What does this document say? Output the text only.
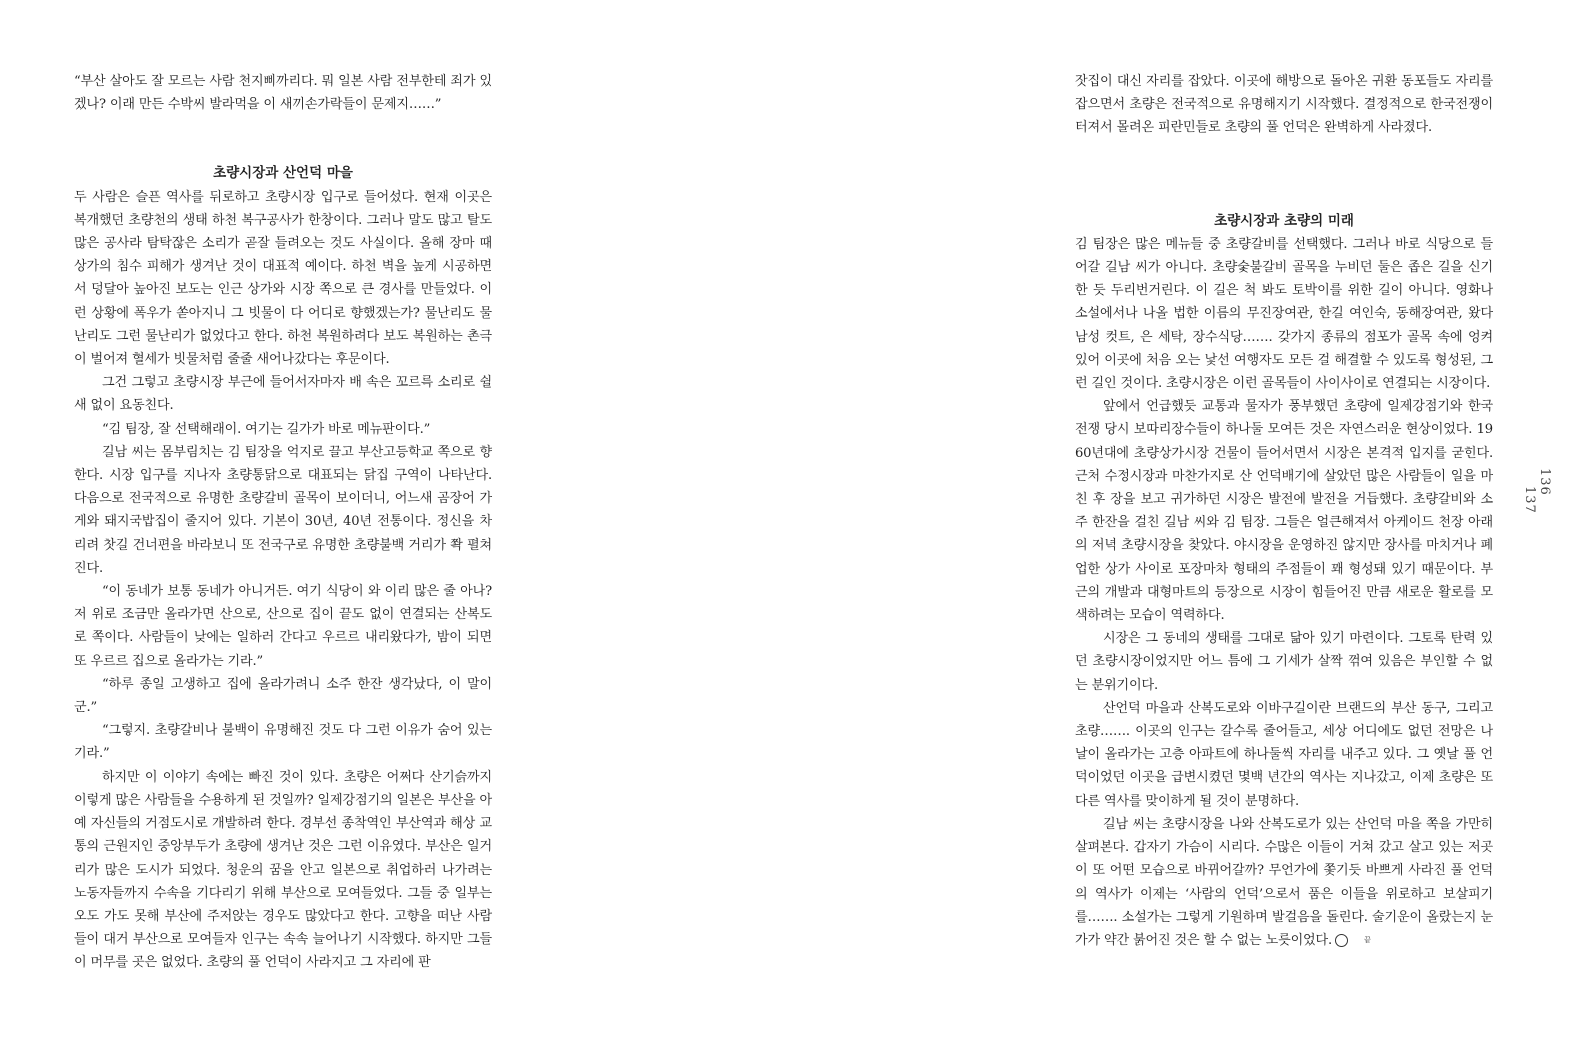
“부산 살아도 잘 모르는 사람 천지삐까리다. 뭐 일본 사람 전부한테 죄가 있겠나? 이래 만든 수박씨 발라먹을 이 새끼손가락들이 문제지……”

초량시장과 산언덕 마을

두 사람은 슬픈 역사를 뒤로하고 초량시장 입구로 들어섰다. 현재 이곳은 복개했던 초량천의 생태 하천 복구공사가 한창이다. 그러나 말도 많고 탈도 많은 공사라 탐탁잖은 소리가 곧잘 들려오는 것도 사실이다. 올해 장마 때 상가의 침수 피해가 생겨난 것이 대표적 예이다. 하천 벽을 높게 시공하면서 덩달아 높아진 보도는 인근 상가와 시장 쪽으로 큰 경사를 만들었다. 이런 상황에 폭우가 쏟아지니 그 빗물이 다 어디로 향했겠는가? 물난리도 물난리도 그런 물난리가 없었다고 한다. 하천 복원하려다 보도 복원하는 촌극이 벌어져 혈세가 빗물처럼 줄줄 새어나갔다는 후문이다.

그건 그렇고 초량시장 부근에 들어서자마자 배 속은 꼬르륵 소리로 쉴 새 없이 요동친다.

“김 팀장, 잘 선택해래이. 여기는 길가가 바로 메뉴판이다.”

길남 씨는 몸부림치는 김 팀장을 억지로 끌고 부산고등학교 쪽으로 향한다. 시장 입구를 지나자 초량통닭으로 대표되는 닭집 구역이 나타난다. 다음으로 전국적으로 유명한 초량갈비 골목이 보이더니, 어느새 곰장어 가게와 돼지국밥집이 줄지어 있다. 기본이 30년, 40년 전통이다. 정신을 차리려 찻길 건너편을 바라보니 또 전국구로 유명한 초량불백 거리가 쫙 펼쳐진다.

“이 동네가 보통 동네가 아니거든. 여기 식당이 와 이리 많은 줄 아나? 저 위로 조금만 올라가면 산으로, 산으로 집이 끝도 없이 연결되는 산복도로 쪽이다. 사람들이 낮에는 일하러 간다고 우르르 내리왔다가, 밤이 되면 또 우르르 집으로 올라가는 기라.”

“하루 종일 고생하고 집에 올라가려니 소주 한잔 생각났다, 이 말이군.”

“그렇지. 초량갈비나 불백이 유명해진 것도 다 그런 이유가 숨어 있는 기라.”

하지만 이 이야기 속에는 빠진 것이 있다. 초량은 어쩌다 산기슭까지 이렇게 많은 사람들을 수용하게 된 것일까? 일제강점기의 일본은 부산을 아예 자신들의 거점도시로 개발하려 한다. 경부선 종착역인 부산역과 해상 교통의 근원지인 중앙부두가 초량에 생겨난 것은 그런 이유였다. 부산은 일거리가 많은 도시가 되었다. 청운의 꿈을 안고 일본으로 취업하러 나가려는 노동자들까지 수속을 기다리기 위해 부산으로 모여들었다. 그들 중 일부는 오도 가도 못해 부산에 주저앉는 경우도 많았다고 한다. 고향을 떠난 사람들이 대거 부산으로 모여들자 인구는 속속 늘어나기 시작했다. 하지만 그들이 머무를 곳은 없었다. 초량의 풀 언덕이 사라지고 그 자리에 판

잣집이 대신 자리를 잡았다. 이곳에 해방으로 돌아온 귀환 동포들도 자리를 잡으면서 초량은 전국적으로 유명해지기 시작했다. 결정적으로 한국전쟁이 터져서 몰려온 피란민들로 초량의 풀 언덕은 완벽하게 사라졌다.

초량시장과 초량의 미래

김 팀장은 많은 메뉴들 중 초량갈비를 선택했다. 그러나 바로 식당으로 들어갈 길남 씨가 아니다. 초량숯불갈비 골목을 누비던 둘은 좁은 길을 신기한 듯 두리번거린다. 이 길은 척 봐도 토박이를 위한 길이 아니다. 영화나 소설에서나 나올 법한 이름의 무진장여관, 한길 여인숙, 동해장여관, 왔다 남성 컷트, 은 세탁, 장수식당……. 갖가지 종류의 점포가 골목 속에 엉켜 있어 이곳에 처음 오는 낯선 여행자도 모든 걸 해결할 수 있도록 형성된, 그런 길인 것이다. 초량시장은 이런 골목들이 사이사이로 연결되는 시장이다.

앞에서 언급했듯 교통과 물자가 풍부했던 초량에 일제강점기와 한국전쟁 당시 보따리장수들이 하나둘 모여든 것은 자연스러운 현상이었다. 1960년대에 초량상가시장 건물이 들어서면서 시장은 본격적 입지를 굳힌다. 근처 수정시장과 마찬가지로 산 언덕배기에 살았던 많은 사람들이 일을 마친 후 장을 보고 귀가하던 시장은 발전에 발전을 거듭했다. 초량갈비와 소주 한잔을 걸친 길남 씨와 김 팀장. 그들은 얼큰해져서 아케이드 천장 아래의 저녁 초량시장을 찾았다. 야시장을 운영하진 않지만 장사를 마치거나 폐업한 상가 사이로 포장마차 형태의 주점들이 꽤 형성돼 있기 때문이다. 부근의 개발과 대형마트의 등장으로 시장이 힘들어진 만큼 새로운 활로를 모색하려는 모습이 역력하다.

시장은 그 동네의 생태를 그대로 닮아 있기 마련이다. 그토록 탄력 있던 초량시장이었지만 어느 틈에 그 기세가 살짝 꺾여 있음은 부인할 수 없는 분위기이다.

산언덕 마을과 산복도로와 이바구길이란 브랜드의 부산 동구, 그리고 초량……. 이곳의 인구는 갈수록 줄어들고, 세상 어디에도 없던 전망은 나날이 올라가는 고층 아파트에 하나둘씩 자리를 내주고 있다. 그 옛날 풀 언덕이었던 이곳을 급변시켰던 몇백 년간의 역사는 지나갔고, 이제 초량은 또 다른 역사를 맞이하게 될 것이 분명하다.

길남 씨는 초량시장을 나와 산복도로가 있는 산언덕 마을 쪽을 가만히 살펴본다. 갑자기 가슴이 시리다. 수많은 이들이 거쳐 갔고 살고 있는 저곳이 또 어떤 모습으로 바뀌어갈까? 무언가에 쫓기듯 바쁘게 사라진 풀 언덕의 역사가 이제는 ‘사람의 언덕’으로서 품은 이들을 위로하고 보살피기를……. 소설가는 그렇게 기원하며 발걸음을 돌린다. 술기운이 올랐는지 눈가가 약간 붉어진 것은 할 수 없는 노릇이었다.	끝

136
137
